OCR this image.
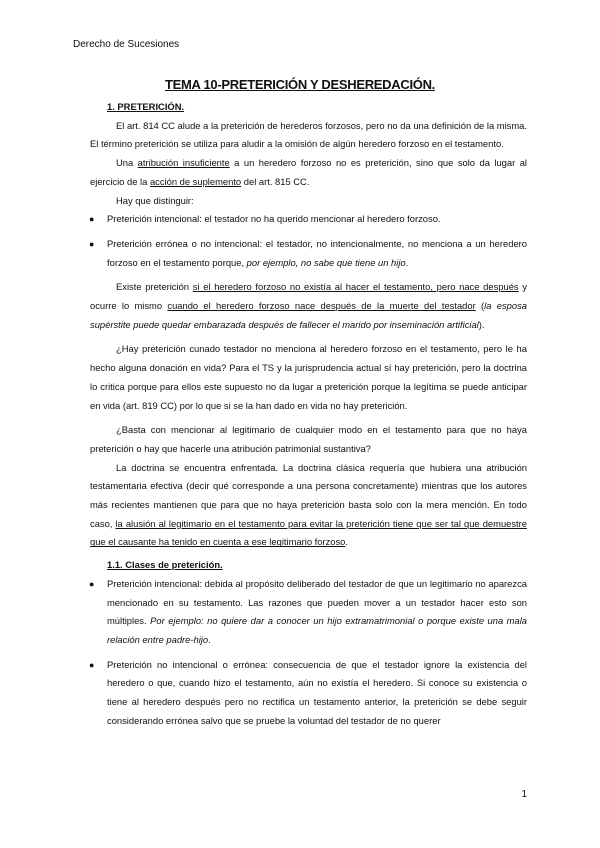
Derecho de Sucesiones
TEMA 10-PRETERICIÓN Y DESHEREDACIÓN.
1. PRETERICIÓN.

El art. 814 CC alude a la preterición de herederos forzosos, pero no da una definición de la misma. El término preterición se utiliza para aludir a la omisión de algún heredero forzoso en el testamento.

Una atribución insuficiente a un heredero forzoso no es preterición, sino que solo da lugar al ejercicio de la acción de suplemento del art. 815 CC.

Hay que distinguir:

● Preterición intencional: el testador no ha querido mencionar al heredero forzoso.
● Preterición errónea o no intencional: el testador, no intencionalmente, no menciona a un heredero forzoso en el testamento porque, por ejemplo, no sabe que tiene un hijo.

Existe preterición si el heredero forzoso no existía al hacer el testamento, pero nace después y ocurre lo mismo cuando el heredero forzoso nace después de la muerte del testador (la esposa supérstite puede quedar embarazada después de fallecer el marido por inseminación artificial).

¿Hay preterición cunado testador no menciona al heredero forzoso en el testamento, pero le ha hecho alguna donación en vida? Para el TS y la jurisprudencia actual sí hay preterición, pero la doctrina lo critica porque para ellos este supuesto no da lugar a preterición porque la legítima se puede anticipar en vida (art. 819 CC) por lo que si se la han dado en vida no hay preterición.

¿Basta con mencionar al legitimario de cualquier modo en el testamento para que no haya preterición o hay que hacerle una atribución patrimonial sustantiva?

La doctrina se encuentra enfrentada. La doctrina clásica requería que hubiera una atribución testamentaria efectiva (decir qué corresponde a una persona concretamente) mientras que los autores más recientes mantienen que para que no haya preterición basta solo con la mera mención. En todo caso, la alusión al legitimario en el testamento para evitar la preterición tiene que ser tal que demuestre que el causante ha tenido en cuenta a ese legitimario forzoso.

1.1. Clases de preterición.
● Preterición intencional: debida al propósito deliberado del testador de que un legitimario no aparezca mencionado en su testamento. Las razones que pueden mover a un testador hacer esto son múltiples. Por ejemplo: no quiere dar a conocer un hijo extramatrimonial o porque existe una mala relación entre padre-hijo.
● Preterición no intencional o errónea: consecuencia de que el testador ignore la existencia del heredero o que, cuando hizo el testamento, aún no existía el heredero. Si conoce su existencia o tiene al heredero después pero no rectifica un testamento anterior, la preterición se debe seguir considerando errónea salvo que se pruebe la voluntad del testador de no querer
1
